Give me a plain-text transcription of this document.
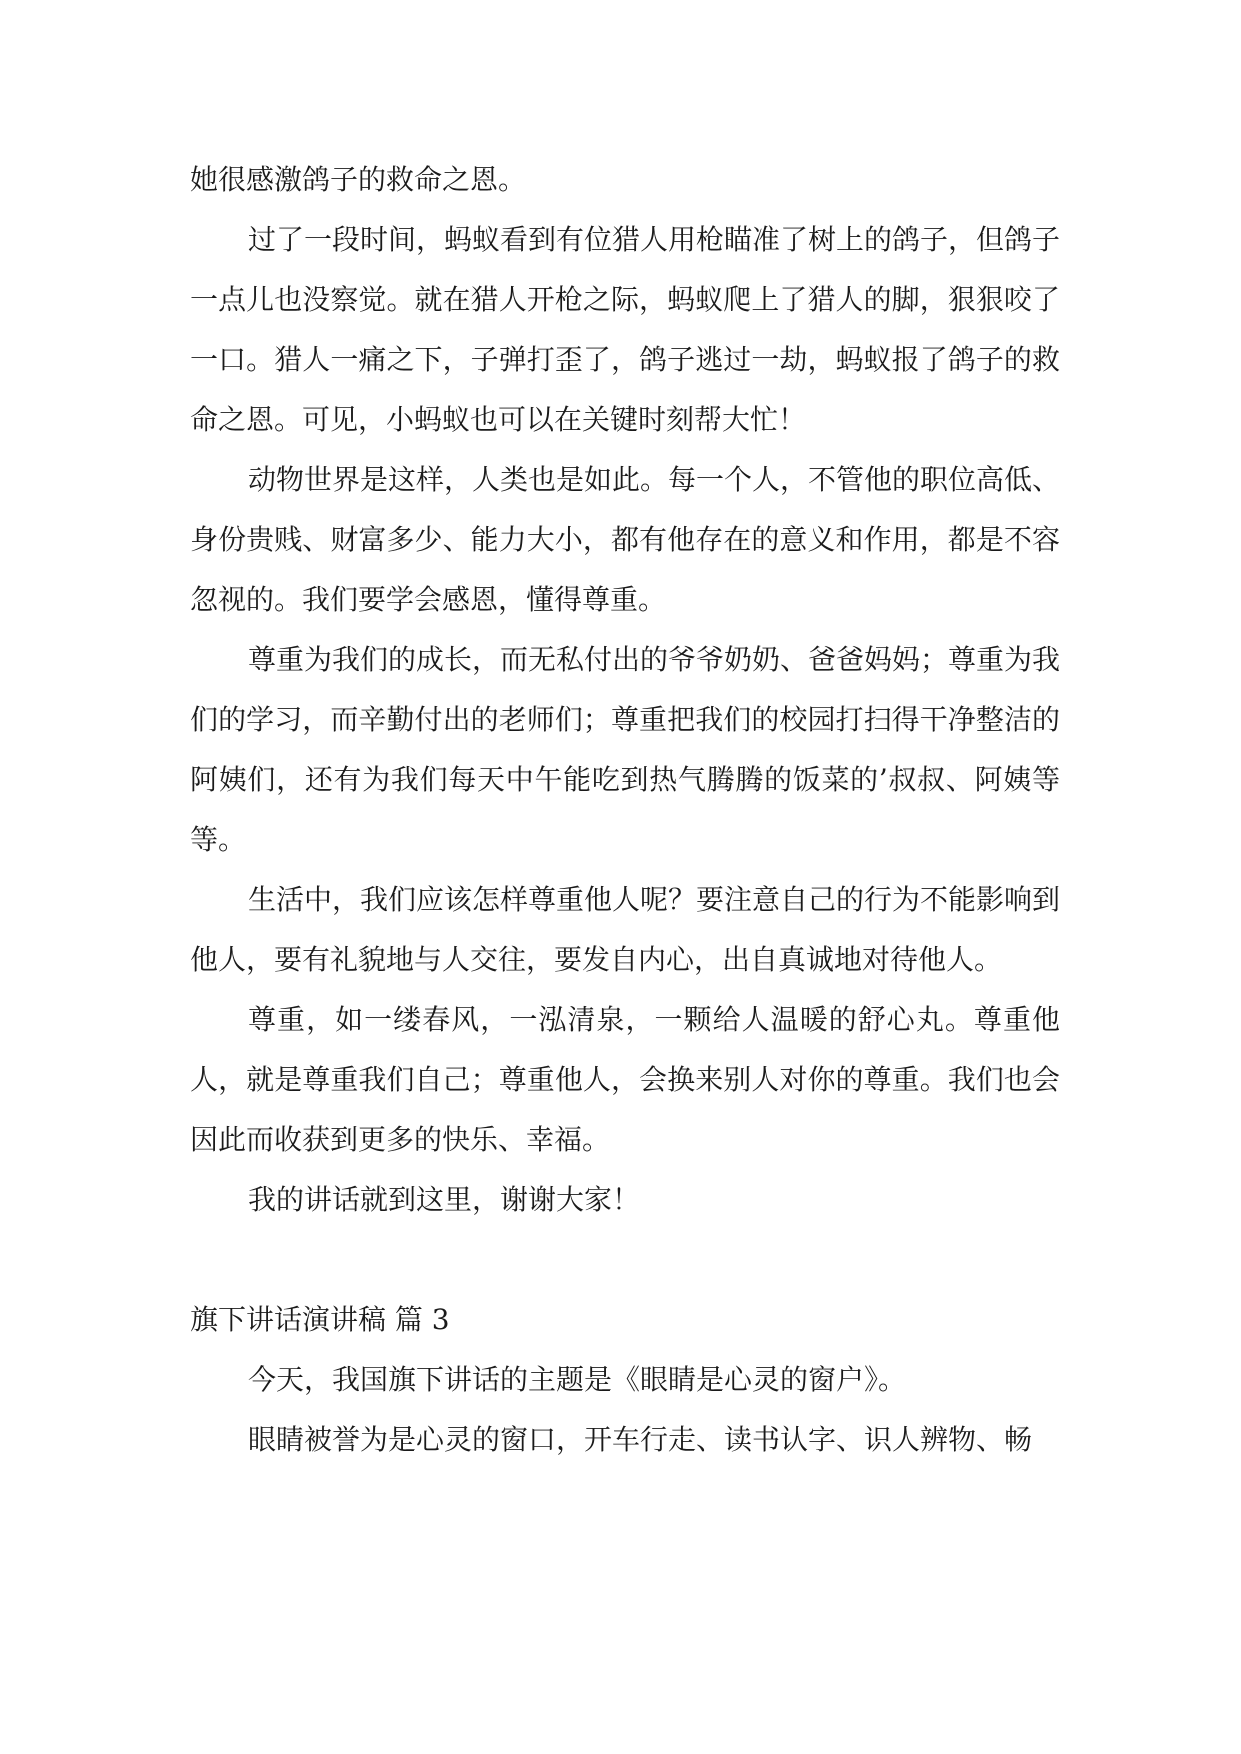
她很感激鸽子的救命之恩。

过了一段时间，蚂蚁看到有位猎人用枪瞄准了树上的鸽子，但鸽子一点儿也没察觉。就在猎人开枪之际，蚂蚁爬上了猎人的脚，狠狠咬了一口。猎人一痛之下，子弹打歪了，鸽子逃过一劫，蚂蚁报了鸽子的救命之恩。可见，小蚂蚁也可以在关键时刻帮大忙！

动物世界是这样，人类也是如此。每一个人，不管他的职位高低、身份贵贱、财富多少、能力大小，都有他存在的意义和作用，都是不容忽视的。我们要学会感恩，懂得尊重。

尊重为我们的成长，而无私付出的爷爷奶奶、爸爸妈妈；尊重为我们的学习，而辛勤付出的老师们；尊重把我们的校园打扫得干净整洁的阿姨们，还有为我们每天中午能吃到热气腾腾的饭菜的’叔叔、阿姨等等。

生活中，我们应该怎样尊重他人呢？要注意自己的行为不能影响到他人，要有礼貌地与人交往，要发自内心，出自真诚地对待他人。

尊重，如一缕春风，一泓清泉，一颗给人温暖的舒心丸。尊重他人，就是尊重我们自己；尊重他人，会换来别人对你的尊重。我们也会因此而收获到更多的快乐、幸福。

我的讲话就到这里，谢谢大家！

旗下讲话演讲稿 篇 3

今天，我国旗下讲话的主题是《眼睛是心灵的窗户》。

眼睛被誉为是心灵的窗口，开车行走、读书认字、识人辨物、畅
